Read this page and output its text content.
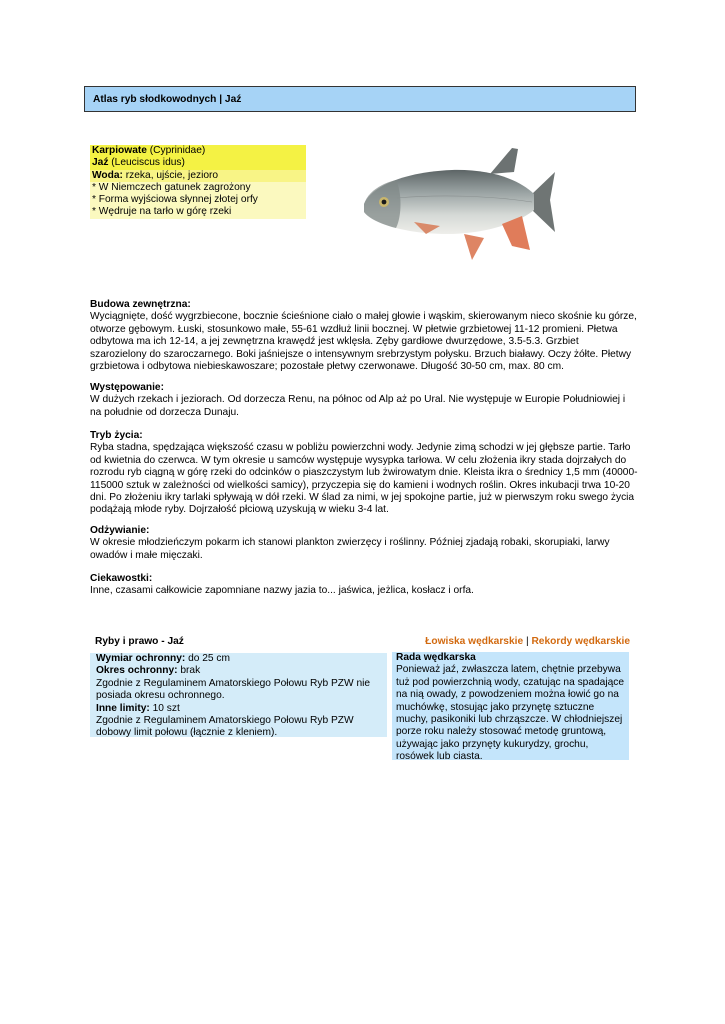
Atlas ryb słodkowodnych | Jaź
Karpiowate (Cyprinidae)
Jaź (Leuciscus idus)
Woda: rzeka, ujście, jezioro
* W Niemczech gatunek zagrożony
* Forma wyjściowa słynnej złotej orfy
* Wędruje na tarło w górę rzeki
Budowa zewnętrzna:

Wyciągnięte, dość wygrzbiecone, bocznie ścieśnione ciało o małej głowie i wąskim, skierowanym nieco skośnie ku górze, otworze gębowym. Łuski, stosunkowo małe, 55-61 wzdłuż linii bocznej. W płetwie grzbietowej 11-12 promieni. Płetwa odbytowa ma ich 12-14, a jej zewnętrzna krawędź jest wklęsła. Zęby gardłowe dwurzędowe, 3.5-5.3. Grzbiet szarozielony do szaroczarnego. Boki jaśniejsze o intensywnym srebrzystym połysku. Brzuch białawy. Oczy żółte. Płetwy grzbietowa i odbytowa niebieskawoszare; pozostałe płetwy czerwonawe. Długość 30-50 cm, max. 80 cm.

Występowanie:

W dużych rzekach i jeziorach. Od dorzecza Renu, na północ od Alp aż po Ural. Nie występuje w Europie Południowiej i na południe od dorzecza Dunaju.

Tryb życia:

Ryba stadna, spędzająca większość czasu w pobliżu powierzchni wody. Jedynie zimą schodzi w jej głębsze partie. Tarło od kwietnia do czerwca. W tym okresie u samców występuje wysypka tarłowa. W celu złożenia ikry stada dojrzałych do rozrodu ryb ciągną w górę rzeki do odcinków o piaszczystym lub żwirowatym dnie. Kleista ikra o średnicy 1,5 mm (40000-115000 sztuk w zależności od wielkości samicy), przyczepia się do kamieni i wodnych roślin. Okres inkubacji trwa 10-20 dni. Po złożeniu ikry tarlaki spływają w dół rzeki. W ślad za nimi, w jej spokojne partie, już w pierwszym roku swego życia podążają młode ryby. Dojrzałość płciową uzyskują w wieku 3-4 lat.

Odżywianie:

W okresie młodzieńczym pokarm ich stanowi plankton zwierzęcy i roślinny. Później zjadają robaki, skorupiaki, larwy owadów i małe mięczaki.

Ciekawostki:

Inne, czasami całkowicie zapomniane nazwy jazia to... jaświca, jeżlica, kosłacz i orfa.

Ryby i prawo - Jaź	Łowiska wędkarskie | Rekordy wędkarskie
Wymiar ochronny: do 25 cm
Okres ochronny: brak
Zgodnie z Regulaminem Amatorskiego Połowu Ryb PZW nie posiada okresu ochronnego.
Inne limity: 10 szt
Zgodnie z Regulaminem Amatorskiego Połowu Ryb PZW dobowy limit połowu (łącznie z kleniem).
Rada wędkarska
Ponieważ jaź, zwłaszcza latem, chętnie przebywa tuż pod powierzchnią wody, czatując na spadające na nią owady, z powodzeniem można łowić go na muchówkę, stosując jako przynętę sztuczne muchy, pasikoniki lub chrząszcze. W chłodniejszej porze roku należy stosować metodę gruntową, używając jako przynęty kukurydzy, grochu, rosówek lub ciasta.
